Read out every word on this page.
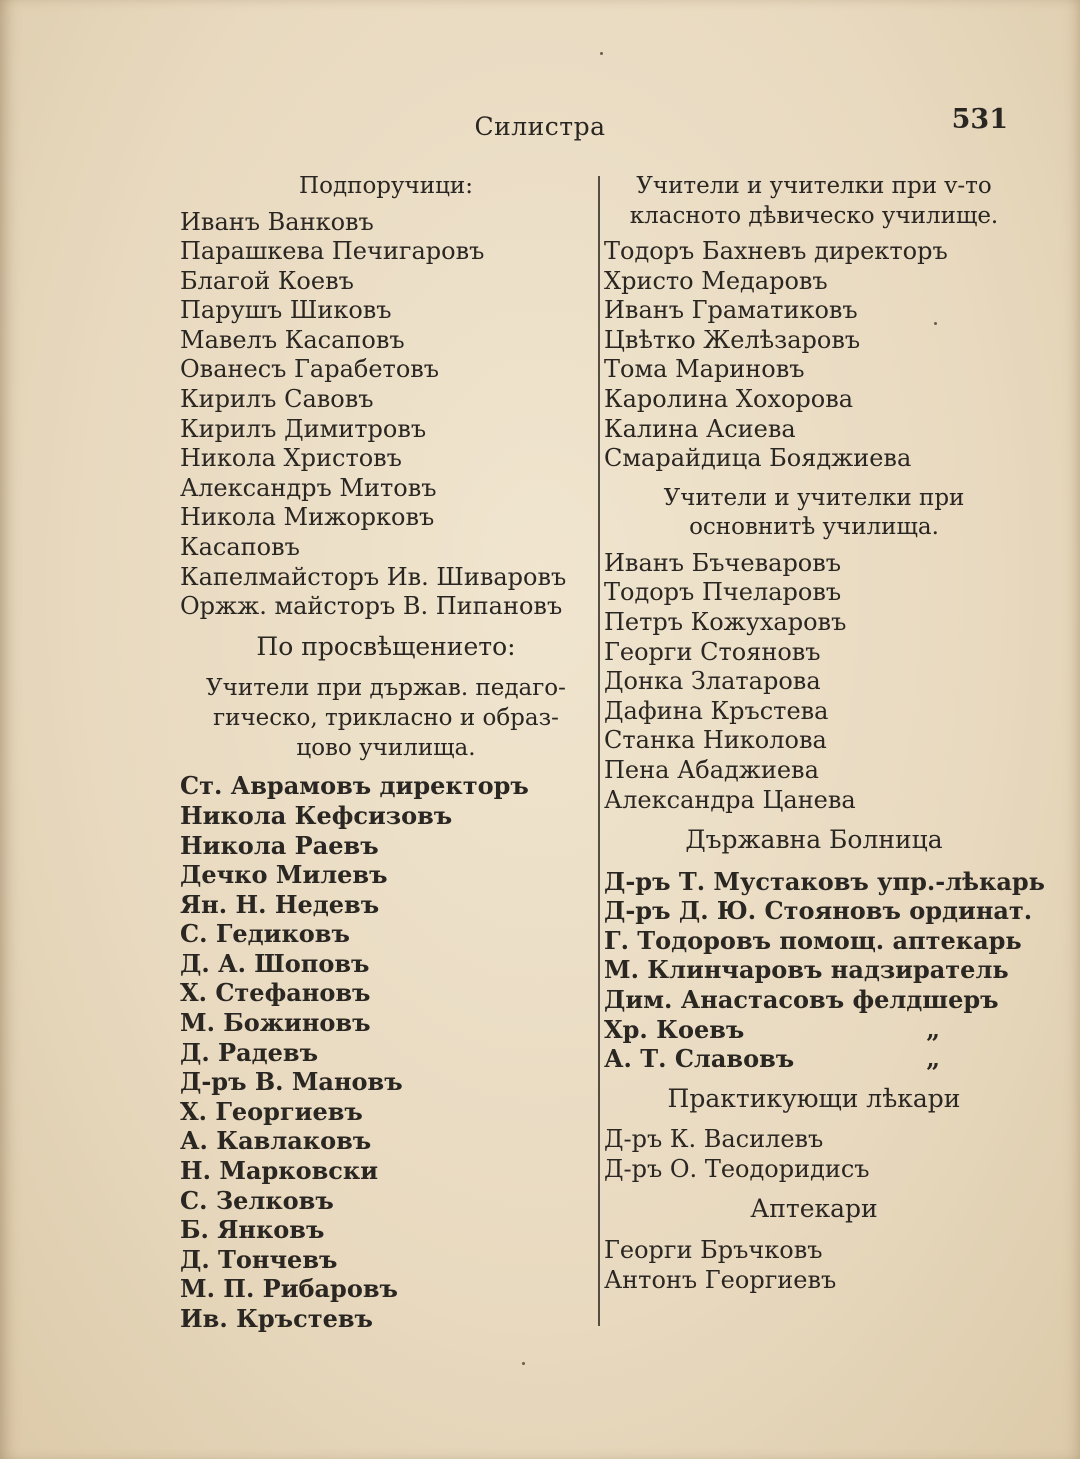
Силистра	531
Подпоручици:
Иванъ Ванковъ
Парашкева Печигаровъ
Благой Коевъ
Парушъ Шиковъ
Мавелъ Касаповъ
Ованесъ Гарабетовъ
Кирилъ Савовъ
Кирилъ Димитровъ
Никола Христовъ
Александръ Митовъ
Никола Мижорковъ
Касаповъ
Капелмайсторъ Ив. Шиваровъ
Оржж. майсторъ В. Пипановъ
По просвѣщението:
Учители при държав. педаго-
гическо, трикласно и образ-
цово училища.
Ст. Аврамовъ директоръ
Никола Кефсизовъ
Никола Раевъ
Дечко Милевъ
Ян. Н. Недевъ
С. Гедиковъ
Д. А. Шоповъ
Х. Стефановъ
М. Божиновъ
Д. Радевъ
Д-ръ В. Мановъ
Х. Георгиевъ
А. Кавлаковъ
Н. Марковски
С. Зелковъ
Б. Янковъ
Д. Тончевъ
М. П. Рибаровъ
Ив. Кръстевъ
Учители и учителки при v-то
класното дѣвическо училище.
Тодоръ Бахневъ директоръ
Христо Медаровъ
Иванъ Граматиковъ
Цвѣтко Желѣзаровъ
Тома Мариновъ
Каролина Хохорова
Калина Асиева
Смарайдица Бояджиева
Учители и учителки при
основнитѣ училища.
Иванъ Бъчеваровъ
Тодоръ Пчеларовъ
Петръ Кожухаровъ
Георги Стояновъ
Донка Златарова
Дафина Кръстева
Станка Николова
Пена Абаджиева
Александра Цанева
Държавна Болница
Д-ръ Т. Мустаковъ упр.-лѣкарь
Д-ръ Д. Ю. Стояновъ ординат.
Г. Тодоровъ помощ. аптекарь
М. Клинчаровъ надзиратель
Дим. Анастасовъ фелдшеръ
Хр. Коевъ	„
А. Т. Славовъ	„
Практикующи лѣкари
Д-ръ К. Василевъ
Д-ръ О. Теодоридисъ
Аптекари
Георги Бръчковъ
Антонъ Георгиевъ
